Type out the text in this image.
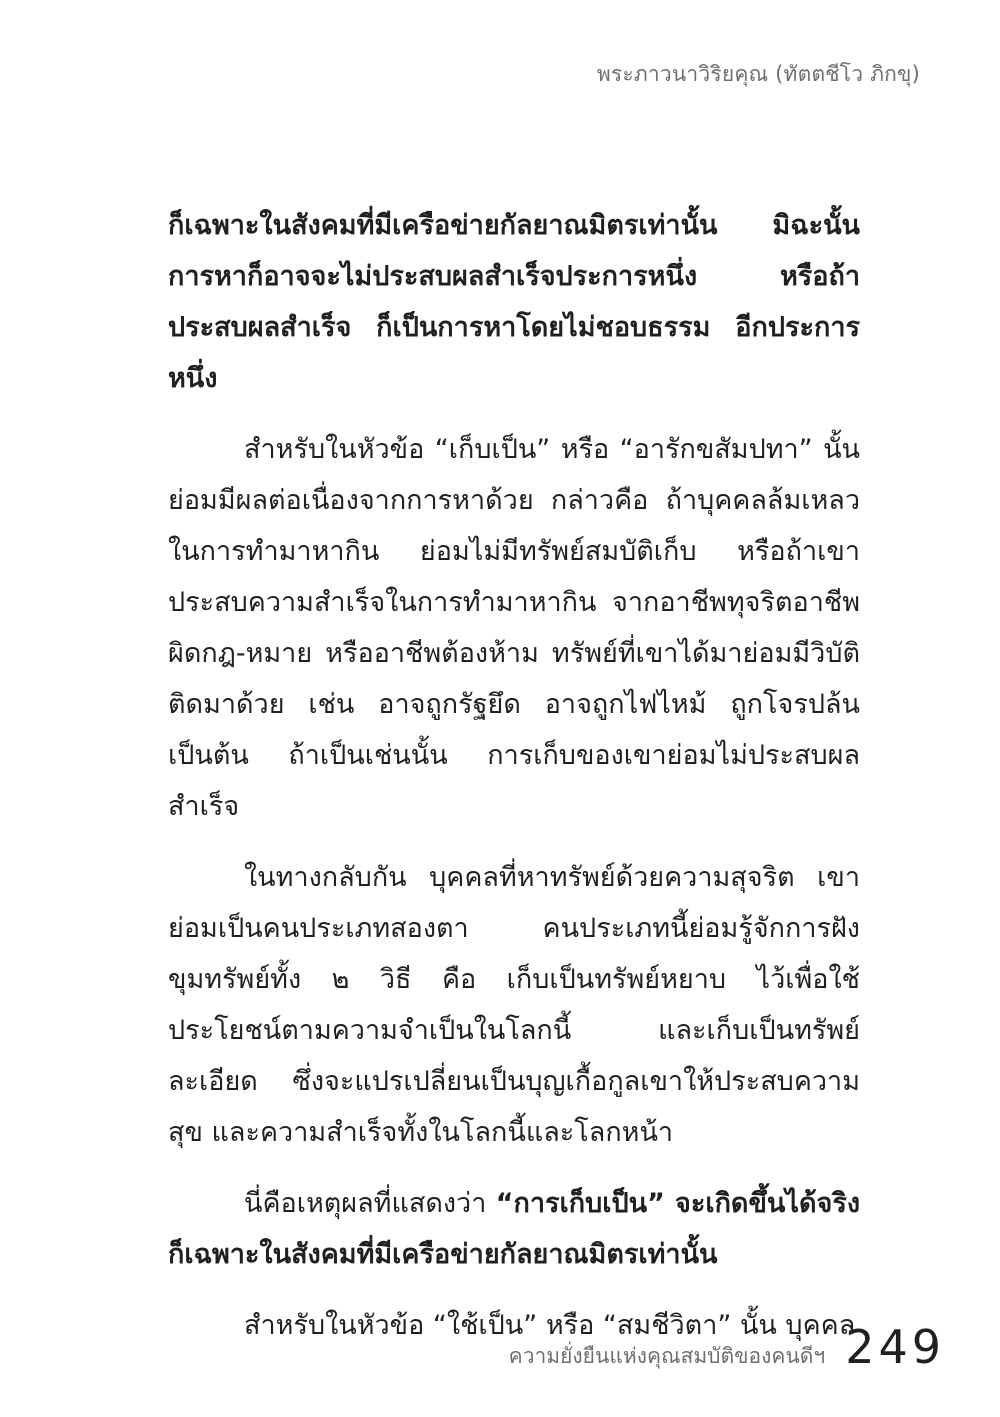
พระภาวนาวิริยคุณ (ทัตตชีโว ภิกขุ)

ก็เฉพาะในสังคมที่มีเครือข่ายกัลยาณมิตรเท่านั้น มิฉะนั้น การหาก็อาจจะไม่ประสบผลสำเร็จประการหนึ่ง หรือถ้าประสบผลสำเร็จ ก็เป็นการหาโดยไม่ชอบธรรม อีกประการหนึ่ง

สำหรับในหัวข้อ “เก็บเป็น” หรือ “อารักขสัมปทา” นั้น ย่อมมีผลต่อเนื่องจากการหาด้วย กล่าวคือ ถ้าบุคคลล้มเหลวในการทำมาหากิน ย่อมไม่มีทรัพย์สมบัติเก็บ หรือถ้าเขาประสบความสำเร็จในการทำมาหากิน จากอาชีพทุจริตอาชีพผิดกฎ-หมาย หรืออาชีพต้องห้าม ทรัพย์ที่เขาได้มาย่อมมีวิบัติติดมาด้วย เช่น อาจถูกรัฐยึด อาจถูกไฟไหม้ ถูกโจรปล้น เป็นต้น ถ้าเป็นเช่นนั้น การเก็บของเขาย่อมไม่ประสบผลสำเร็จ

ในทางกลับกัน บุคคลที่หาทรัพย์ด้วยความสุจริต เขาย่อมเป็นคนประเภทสองตา คนประเภทนี้ย่อมรู้จักการฝังขุมทรัพย์ทั้ง ๒ วิธี คือ เก็บเป็นทรัพย์หยาบ ไว้เพื่อใช้ประโยชน์ตามความจำเป็นในโลกนี้ และเก็บเป็นทรัพย์ละเอียด ซึ่งจะแปรเปลี่ยนเป็นบุญเกื้อกูลเขาให้ประสบความสุข และความสำเร็จทั้งในโลกนี้และโลกหน้า

นี่คือเหตุผลที่แสดงว่า “การเก็บเป็น” จะเกิดขึ้นได้จริงก็เฉพาะในสังคมที่มีเครือข่ายกัลยาณมิตรเท่านั้น

สำหรับในหัวข้อ “ใช้เป็น” หรือ “สมชีวิตา” นั้น บุคคล

ความยั่งยืนแห่งคุณสมบัติของคนดีฯ 249
